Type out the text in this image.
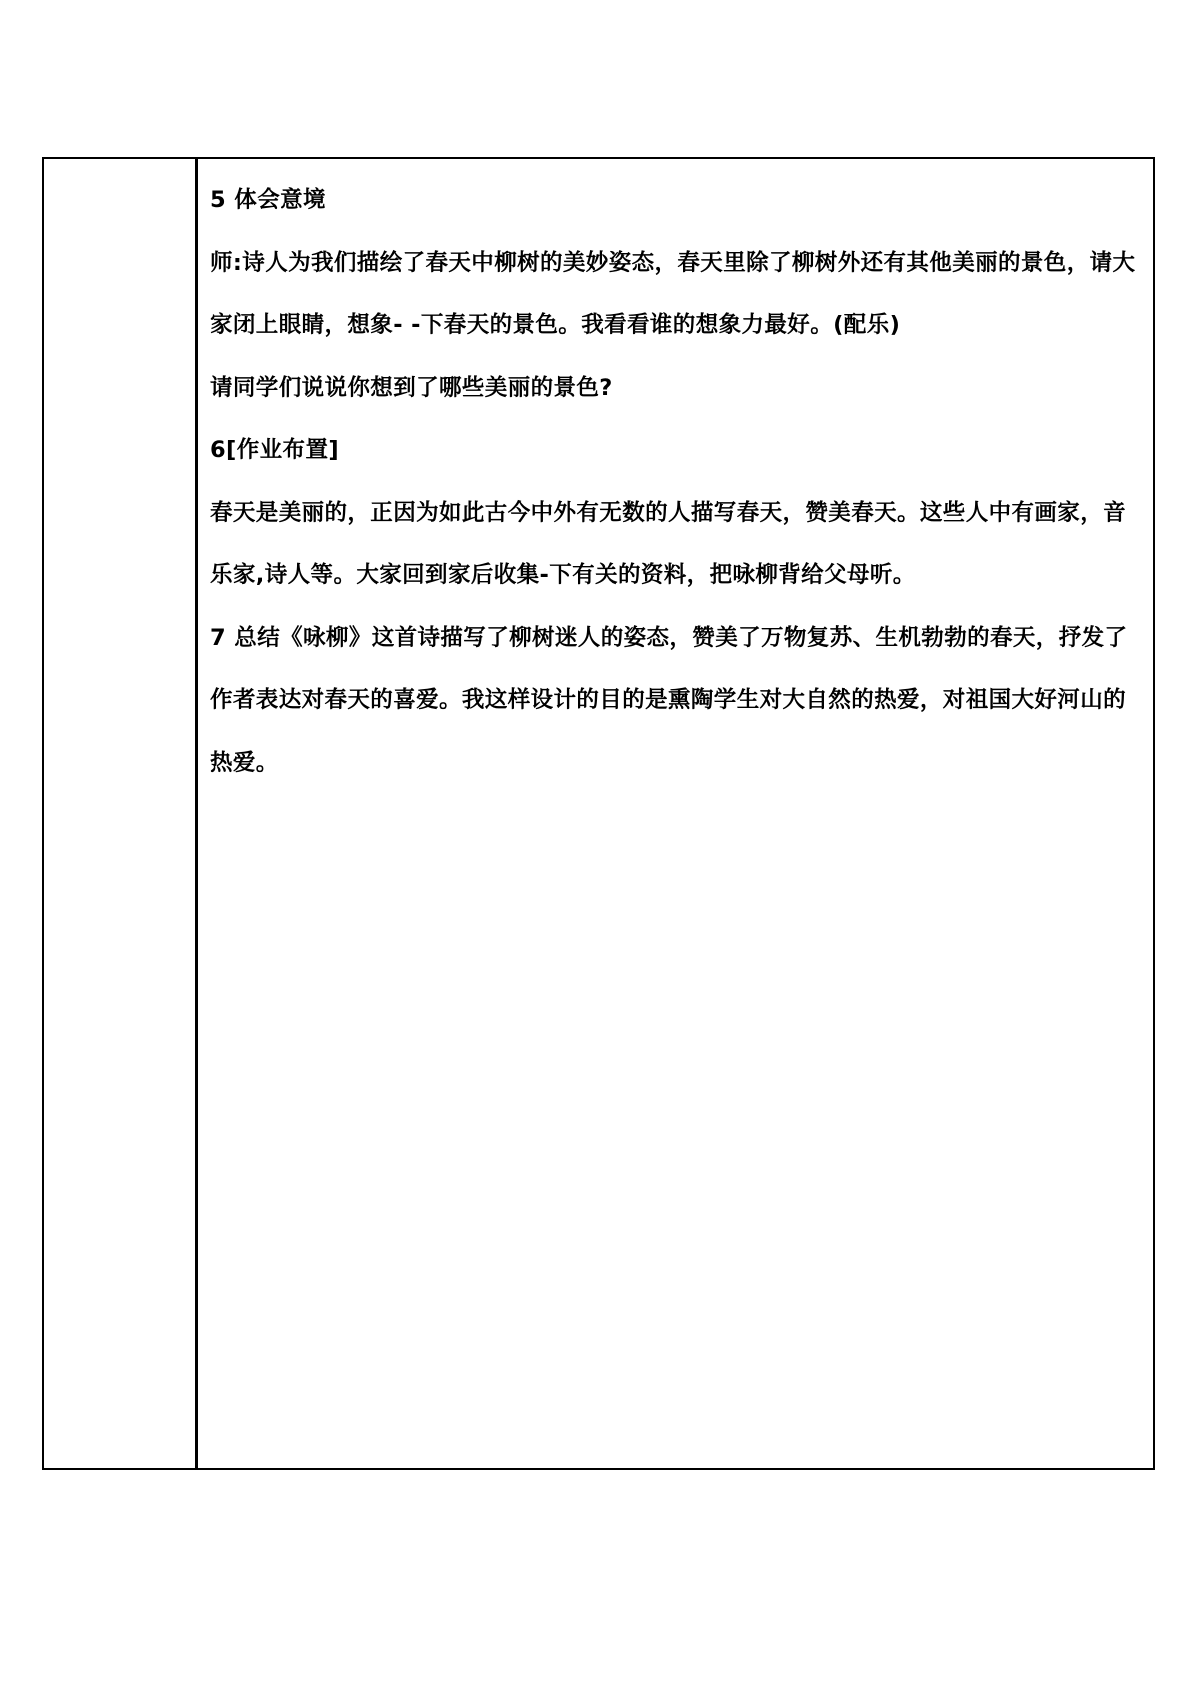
5 体会意境

师:诗人为我们描绘了春天中柳树的美妙姿态，春天里除了柳树外还有其他美丽的景色，请大家闭上眼睛，想象- -下春天的景色。我看看谁的想象力最好。(配乐)

请同学们说说你想到了哪些美丽的景色?

6[作业布置]

春天是美丽的，正因为如此古今中外有无数的人描写春天，赞美春天。这些人中有画家，音乐家,诗人等。大家回到家后收集-下有关的资料，把咏柳背给父母听。

7 总结《咏柳》这首诗描写了柳树迷人的姿态，赞美了万物复苏、生机勃勃的春天，抒发了作者表达对春天的喜爱。我这样设计的目的是熏陶学生对大自然的热爱，对祖国大好河山的热爱。
